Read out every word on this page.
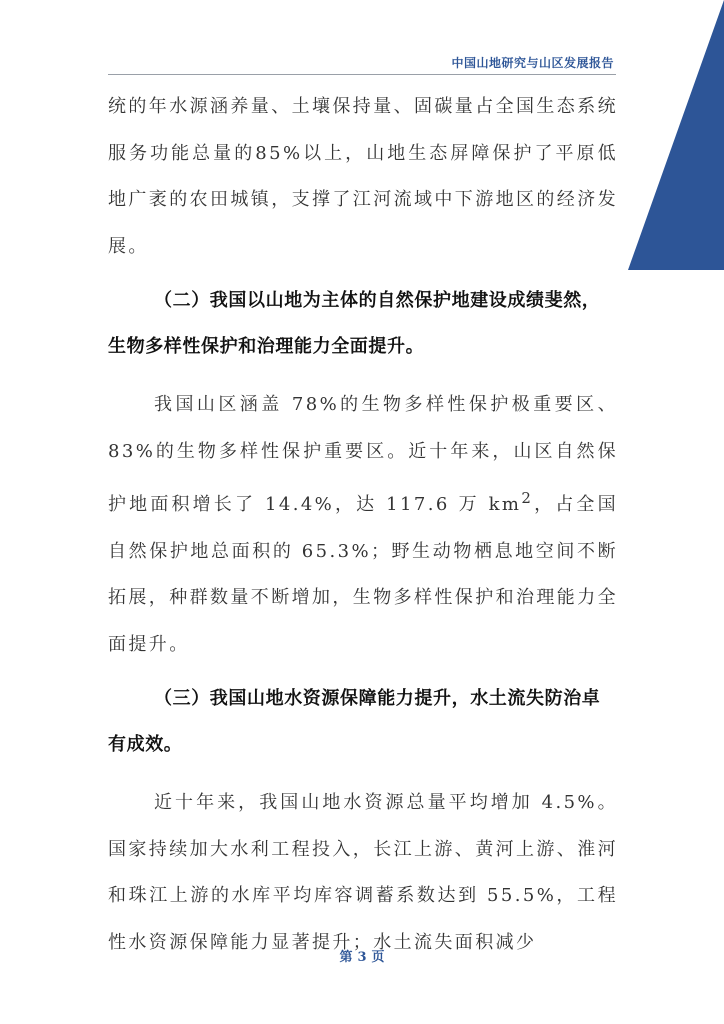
中国山地研究与山区发展报告

统的年水源涵养量、土壤保持量、固碳量占全国生态系统服务功能总量的85%以上，山地生态屏障保护了平原低地广袤的农田城镇，支撑了江河流域中下游地区的经济发展。

（二）我国以山地为主体的自然保护地建设成绩斐然，生物多样性保护和治理能力全面提升。

我国山区涵盖 78%的生物多样性保护极重要区、83%的生物多样性保护重要区。近十年来，山区自然保护地面积增长了 14.4%，达 117.6 万 $km^2$，占全国自然保护地总面积的 65.3%；野生动物栖息地空间不断拓展，种群数量不断增加，生物多样性保护和治理能力全面提升。

（三）我国山地水资源保障能力提升，水土流失防治卓有成效。

近十年来，我国山地水资源总量平均增加 4.5%。国家持续加大水利工程投入，长江上游、黄河上游、淮河和珠江上游的水库平均库容调蓄系数达到 55.5%，工程性水资源保障能力显著提升；水土流失面积减少

第 3 页
